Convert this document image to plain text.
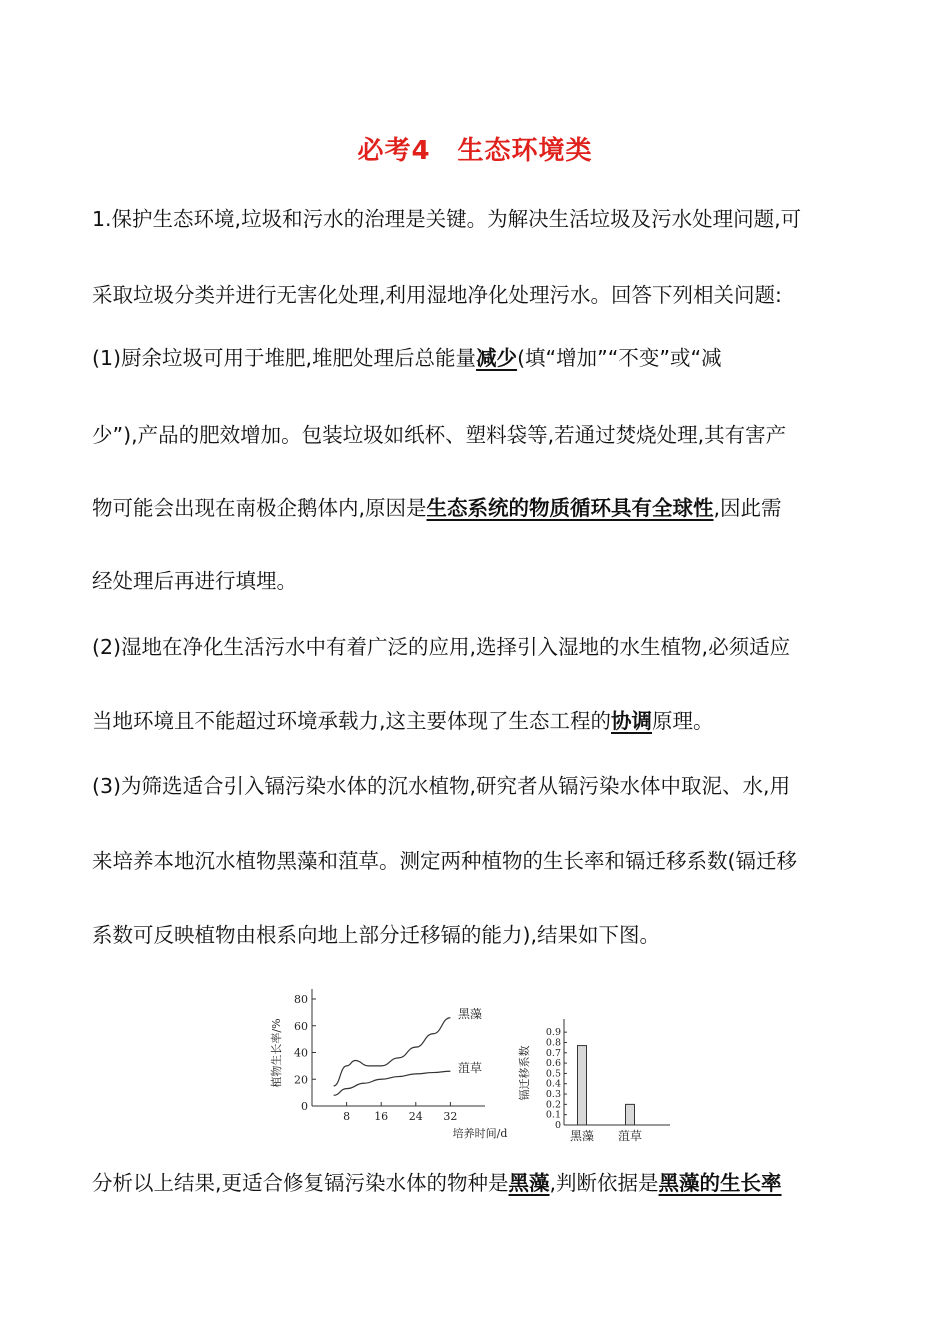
必考4　生态环境类
1.保护生态环境,垃圾和污水的治理是关键。为解决生活垃圾及污水处理问题,可
采取垃圾分类并进行无害化处理,利用湿地净化处理污水。回答下列相关问题:
(1)厨余垃圾可用于堆肥,堆肥处理后总能量减少(填“增加”“不变”或“减
少”),产品的肥效增加。包装垃圾如纸杯、塑料袋等,若通过焚烧处理,其有害产
物可能会出现在南极企鹅体内,原因是生态系统的物质循环具有全球性,因此需
经处理后再进行填埋。
(2)湿地在净化生活污水中有着广泛的应用,选择引入湿地的水生植物,必须适应
当地环境且不能超过环境承载力,这主要体现了生态工程的协调原理。
(3)为筛选适合引入镉污染水体的沉水植物,研究者从镉污染水体中取泥、水,用
来培养本地沉水植物黑藻和菹草。测定两种植物的生长率和镉迁移系数(镉迁移
系数可反映植物由根系向地上部分迁移镉的能力),结果如下图。
0
20
40
60
80
8 16 24 32
培养时间/d
植物生长率/%
黑藻
菹草
0
0.1
0.2
0.3
0.4
0.5
0.6
0.7
0.8
0.9
镉迁移系数
黑藻 菹草
分析以上结果,更适合修复镉污染水体的物种是黑藻,判断依据是黑藻的生长率
